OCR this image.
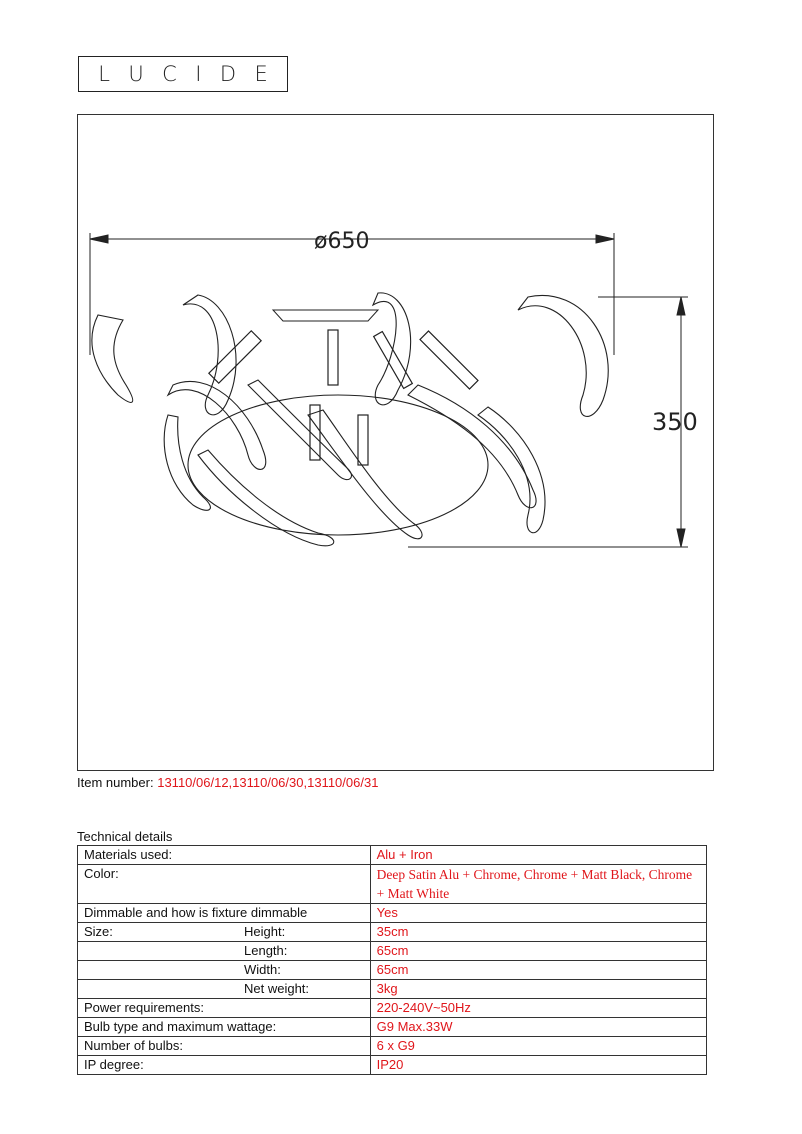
L U C I D E
ø650
350
Item number: 13110/06/12,13110/06/30,13110/06/31
Technical details
Materials used:		Alu + Iron
Color:		Deep Satin Alu + Chrome, Chrome + Matt Black, Chrome + Matt White
Dimmable and how is fixture dimmable		Yes
Size:	Height:	35cm
	Length:	65cm
	Width:	65cm
	Net weight:	3kg
Power requirements:		220-240V~50Hz
Bulb type and maximum wattage:		G9 Max.33W
Number of bulbs:		6 x G9
IP degree:		IP20
